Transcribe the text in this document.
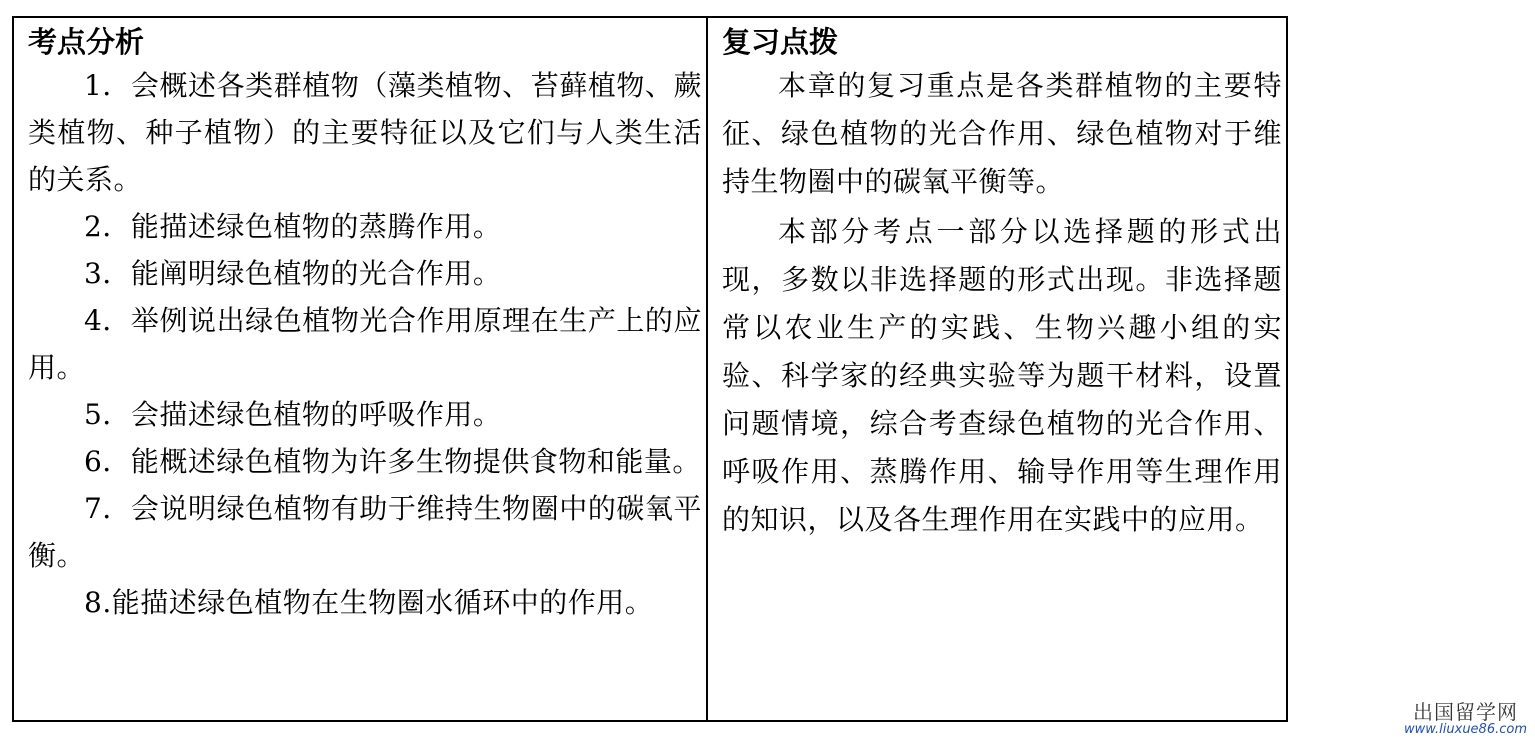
考点分析

1．会概述各类群植物（藻类植物、苔藓植物、蕨类植物、种子植物）的主要特征以及它们与人类生活的关系。

2．能描述绿色植物的蒸腾作用。

3．能阐明绿色植物的光合作用。

4．举例说出绿色植物光合作用原理在生产上的应用。

5．会描述绿色植物的呼吸作用。

6．能概述绿色植物为许多生物提供食物和能量。

7．会说明绿色植物有助于维持生物圈中的碳氧平衡。

8.能描述绿色植物在生物圈水循环中的作用。

复习点拨

本章的复习重点是各类群植物的主要特征、绿色植物的光合作用、绿色植物对于维持生物圈中的碳氧平衡等。

本部分考点一部分以选择题的形式出现，多数以非选择题的形式出现。非选择题常以农业生产的实践、生物兴趣小组的实验、科学家的经典实验等为题干材料，设置问题情境，综合考查绿色植物的光合作用、呼吸作用、蒸腾作用、输导作用等生理作用的知识，以及各生理作用在实践中的应用。

出国留学网
www.liuxue86.com
